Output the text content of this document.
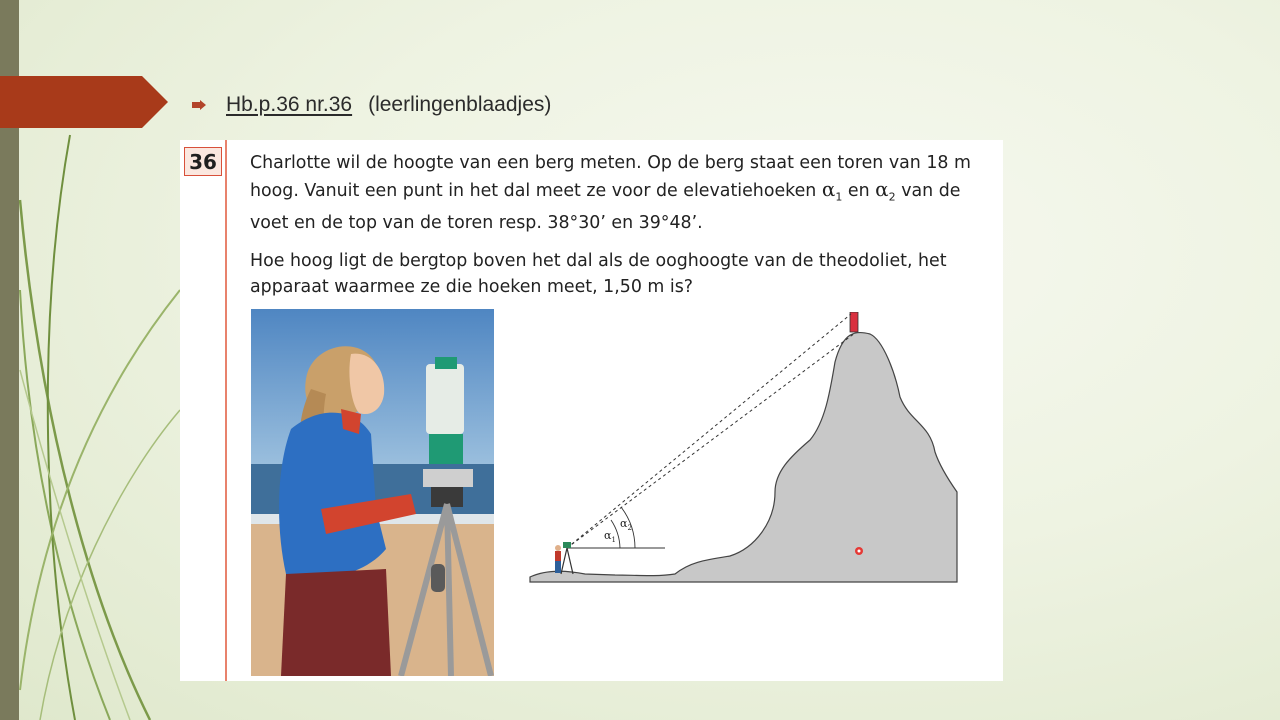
Hb.p.36 nr.36 (leerlingenblaadjes)
36 Charlotte wil de hoogte van een berg meten. Op de berg staat een toren van 18 m hoog. Vanuit een punt in het dal meet ze voor de elevatiehoeken $\alpha_1$ en $\alpha_2$ van de voet en de top van de toren resp. 38°30’ en 39°48’.

Hoe hoog ligt de bergtop boven het dal als de ooghoogte van de theodoliet, het apparaat waarmee ze die hoeken meet, 1,50 m is?

$\alpha_1$
$\alpha_2$
